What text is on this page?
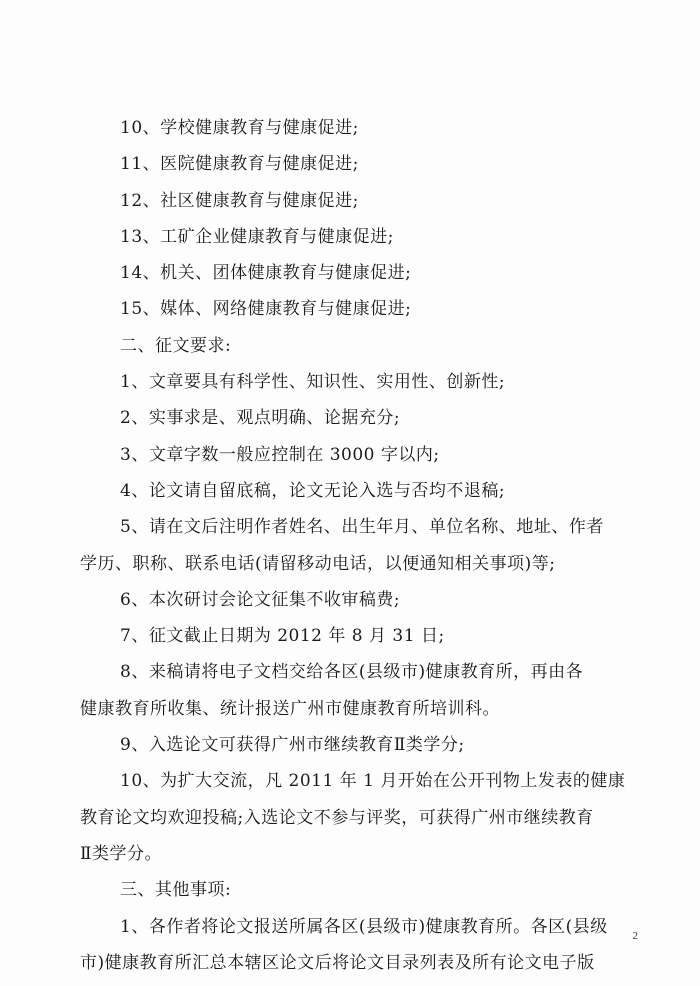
10、学校健康教育与健康促进;
11、医院健康教育与健康促进;
12、社区健康教育与健康促进;
13、工矿企业健康教育与健康促进;
14、机关、团体健康教育与健康促进;
15、媒体、网络健康教育与健康促进;
二、征文要求:
1、文章要具有科学性、知识性、实用性、创新性;
2、实事求是、观点明确、论据充分;
3、文章字数一般应控制在 3000 字以内;
4、论文请自留底稿，论文无论入选与否均不退稿;
5、请在文后注明作者姓名、出生年月、单位名称、地址、作者
学历、职称、联系电话(请留移动电话，以便通知相关事项)等;
6、本次研讨会论文征集不收审稿费;
7、征文截止日期为 2012 年 8 月 31 日;
8、来稿请将电子文档交给各区(县级市)健康教育所，再由各
健康教育所收集、统计报送广州市健康教育所培训科。
9、入选论文可获得广州市继续教育Ⅱ类学分;
10、为扩大交流，凡 2011 年 1 月开始在公开刊物上发表的健康
教育论文均欢迎投稿;入选论文不参与评奖，可获得广州市继续教育
Ⅱ类学分。
三、其他事项:
1、各作者将论文报送所属各区(县级市)健康教育所。各区(县级
市)健康教育所汇总本辖区论文后将论文目录列表及所有论文电子版
2
